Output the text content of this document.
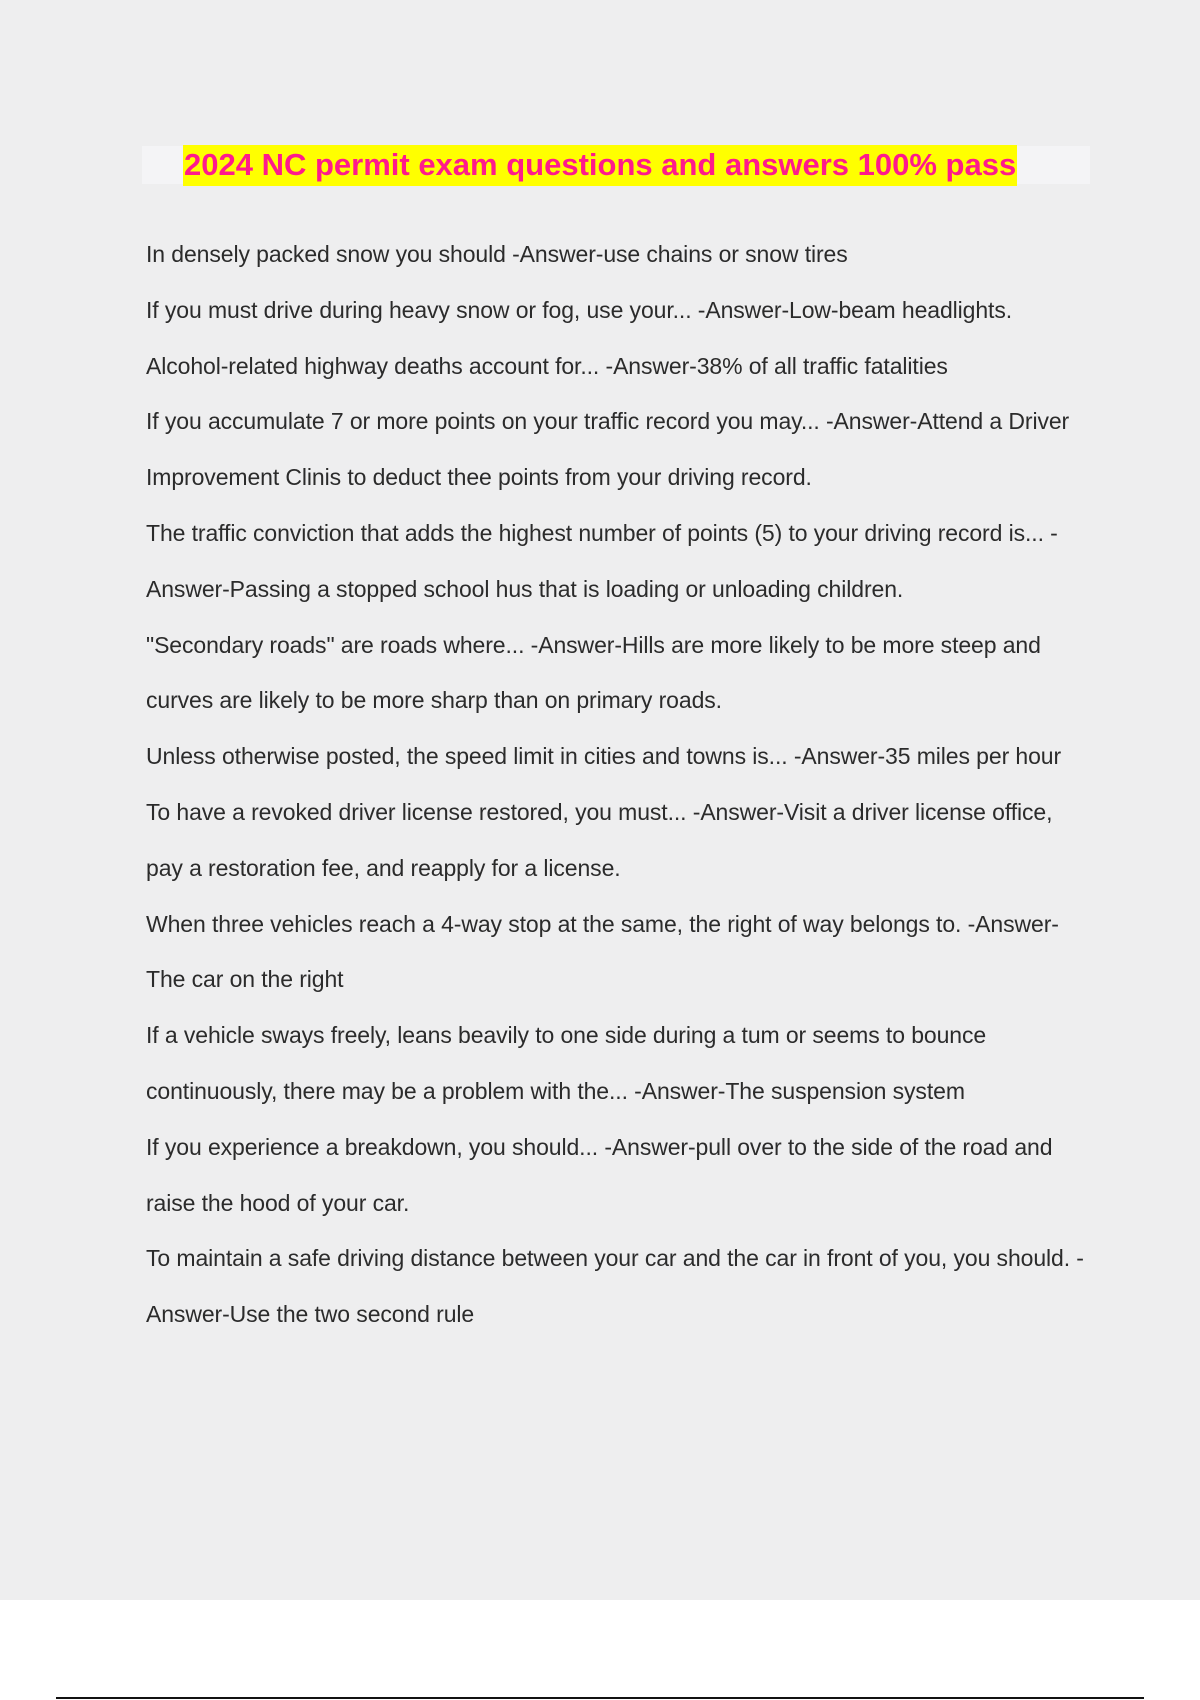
2024 NC permit exam questions and answers 100% pass
In densely packed snow you should -Answer-use chains or snow tires
If you must drive during heavy snow or fog, use your... -Answer-Low-beam headlights.
Alcohol-related highway deaths account for... -Answer-38% of all traffic fatalities
If you accumulate 7 or more points on your traffic record you may... -Answer-Attend a Driver Improvement Clinis to deduct thee points from your driving record.
The traffic conviction that adds the highest number of points (5) to your driving record is... -Answer-Passing a stopped school hus that is loading or unloading children.
"Secondary roads" are roads where... -Answer-Hills are more likely to be more steep and curves are likely to be more sharp than on primary roads.
Unless otherwise posted, the speed limit in cities and towns is... -Answer-35 miles per hour
To have a revoked driver license restored, you must... -Answer-Visit a driver license office, pay a restoration fee, and reapply for a license.
When three vehicles reach a 4-way stop at the same, the right of way belongs to. -Answer-The car on the right
If a vehicle sways freely, leans beavily to one side during a tum or seems to bounce continuously, there may be a problem with the... -Answer-The suspension system
If you experience a breakdown, you should... -Answer-pull over to the side of the road and raise the hood of your car.
To maintain a safe driving distance between your car and the car in front of you, you should. -Answer-Use the two second rule
